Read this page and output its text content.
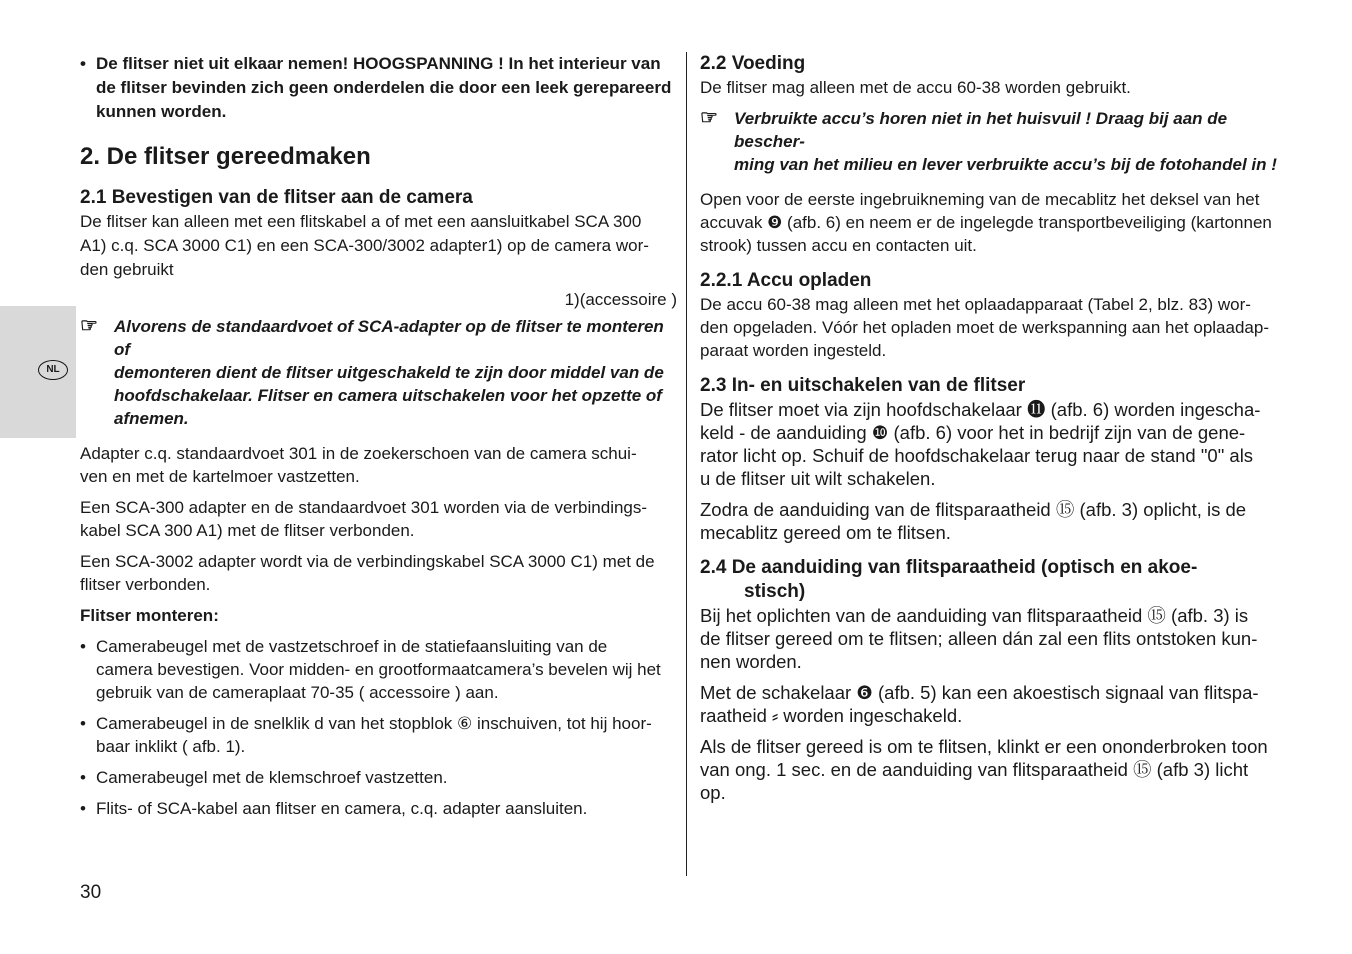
NL
• De flitser niet uit elkaar nemen! HOOGSPANNING ! In het interieur van
de flitser bevinden zich geen onderdelen die door een leek gerepareerd
kunnen worden.
2. De flitser gereedmaken
2.1 Bevestigen van de flitser aan de camera
De flitser kan alleen met een flitskabel a of met een aansluitkabel SCA 300
A1) c.q. SCA 3000 C1) en een SCA-300/3002 adapter1) op de camera wor-
den gebruikt
1)(accessoire )
☞ Alvorens de standaardvoet of SCA-adapter op de flitser te monteren of
demonteren dient de flitser uitgeschakeld te zijn door middel van de
hoofdschakelaar. Flitser en camera uitschakelen voor het opzette of
afnemen.
Adapter c.q. standaardvoet 301 in de zoekerschoen van de camera schui-
ven en met de kartelmoer vastzetten.
Een SCA-300 adapter en de standaardvoet 301 worden via de verbindings-
kabel SCA 300 A1) met de flitser verbonden.
Een SCA-3002 adapter wordt via de verbindingskabel SCA 3000 C1) met de
flitser verbonden.
Flitser monteren:
• Camerabeugel met de vastzetschroef in de statiefaansluiting van de
camera bevestigen. Voor midden- en grootformaatcamera’s bevelen wij het
gebruik van de cameraplaat 70-35 ( accessoire ) aan.
• Camerabeugel in de snelklik d van het stopblok ⑥ inschuiven, tot hij hoor-
baar inklikt ( afb. 1).
• Camerabeugel met de klemschroef vastzetten.
• Flits- of SCA-kabel aan flitser en camera, c.q. adapter aansluiten.
2.2 Voeding
De flitser mag alleen met de accu 60-38 worden gebruikt.
☞ Verbruikte accu’s horen niet in het huisvuil ! Draag bij aan de bescher-
ming van het milieu en lever verbruikte accu’s bij de fotohandel in !
Open voor de eerste ingebruikneming van de mecablitz het deksel van het
accuvak ❾ (afb. 6) en neem er de ingelegde transportbeveiliging (kartonnen
strook) tussen accu en contacten uit.
2.2.1 Accu opladen
De accu 60-38 mag alleen met het oplaadapparaat (Tabel 2, blz. 83) wor-
den opgeladen. Vóór het opladen moet de werkspanning aan het oplaadap-
paraat worden ingesteld.
2.3 In- en uitschakelen van de flitser
De flitser moet via zijn hoofdschakelaar ⓫ (afb. 6) worden ingescha-
keld - de aanduiding ❿ (afb. 6) voor het in bedrijf zijn van de gene-
rator licht op. Schuif de hoofdschakelaar terug naar de stand "0" als
u de flitser uit wilt schakelen.
Zodra de aanduiding van de flitsparaatheid ⑮ (afb. 3) oplicht, is de
mecablitz gereed om te flitsen.
2.4 De aanduiding van flitsparaatheid (optisch en akoe-
stisch)
Bij het oplichten van de aanduiding van flitsparaatheid ⑮ (afb. 3) is
de flitser gereed om te flitsen; alleen dán zal een flits ontstoken kun-
nen worden.
Met de schakelaar ❻ (afb. 5) kan een akoestisch signaal van flitspa-
raatheid ⸗ worden ingeschakeld.
Als de flitser gereed is om te flitsen, klinkt er een ononderbroken toon
van ong. 1 sec. en de aanduiding van flitsparaatheid ⑮ (afb 3) licht
op.
30
